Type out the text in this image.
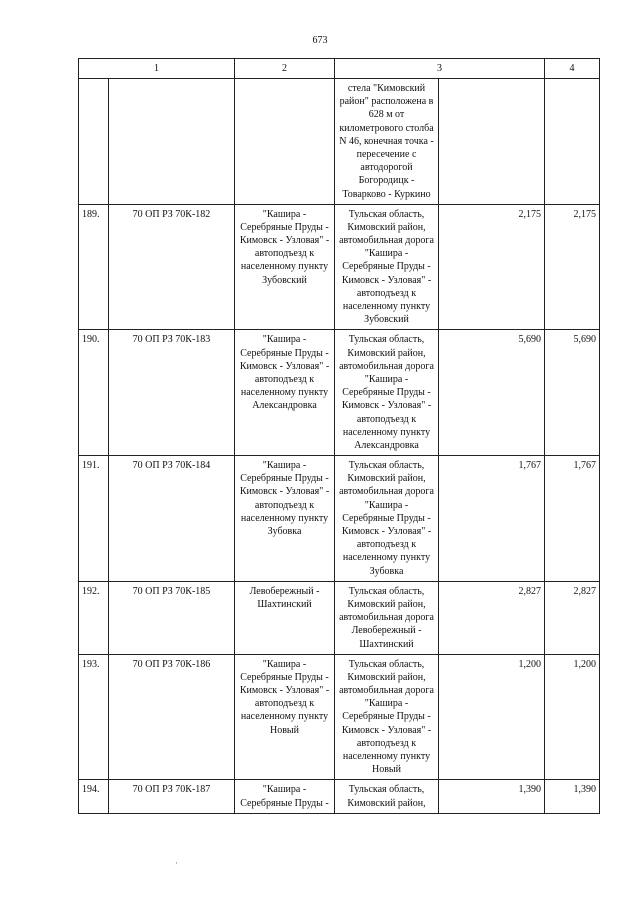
673
1		2	3		4
			стела "Кимовский район" расположена в 628 м от километрового столба N 46, конечная точка - пересечение с автодорогой Богородицк - Товарково - Куркино		
189.	70 ОП РЗ 70К-182	"Кашира - Серебряные Пруды - Кимовск - Узловая" - автоподъезд к населенному пункту Зубовский	Тульская область, Кимовский район, автомобильная дорога "Кашира - Серебряные Пруды - Кимовск - Узловая" - автоподъезд к населенному пункту Зубовский	2,175	2,175
190.	70 ОП РЗ 70К-183	"Кашира - Серебряные Пруды - Кимовск - Узловая" - автоподъезд к населенному пункту Александровка	Тульская область, Кимовский район, автомобильная дорога "Кашира - Серебряные Пруды - Кимовск - Узловая" - автоподъезд к населенному пункту Александровка	5,690	5,690
191.	70 ОП РЗ 70К-184	"Кашира - Серебряные Пруды - Кимовск - Узловая" - автоподъезд к населенному пункту Зубовка	Тульская область, Кимовский район, автомобильная дорога "Кашира - Серебряные Пруды - Кимовск - Узловая" - автоподъезд к населенному пункту Зубовка	1,767	1,767
192.	70 ОП РЗ 70К-185	Левобережный - Шахтинский	Тульская область, Кимовский район, автомобильная дорога Левобережный - Шахтинский	2,827	2,827
193.	70 ОП РЗ 70К-186	"Кашира - Серебряные Пруды - Кимовск - Узловая" - автоподъезд к населенному пункту Новый	Тульская область, Кимовский район, автомобильная дорога "Кашира - Серебряные Пруды - Кимовск - Узловая" - автоподъезд к населенному пункту Новый	1,200	1,200
194.	70 ОП РЗ 70К-187	"Кашира - Серебряные Пруды -	Тульская область, Кимовский район,	1,390	1,390
·
